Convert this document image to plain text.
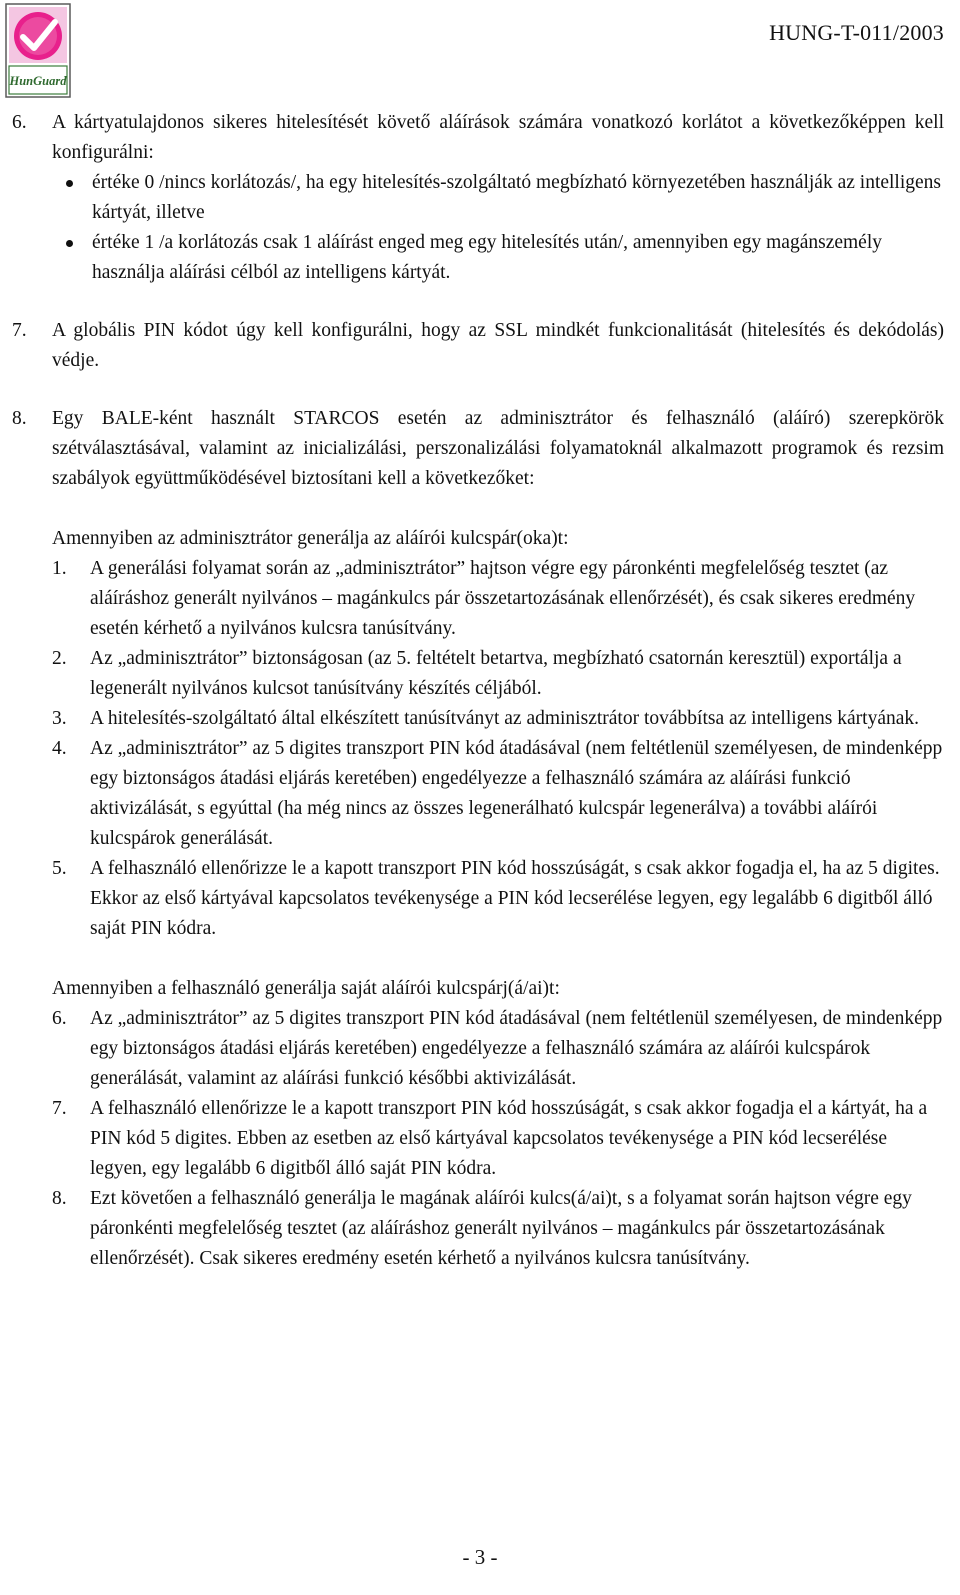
HunGuard
HUNG-T-011/2003
6.	A kártyatulajdonos sikeres hitelesítését követő aláírások számára vonatkozó korlátot a következőképpen kell konfigurálni:
értéke 0 /nincs korlátozás/, ha egy hitelesítés-szolgáltató megbízható környezetében használják az intelligens kártyát, illetve
értéke 1 /a korlátozás csak 1 aláírást enged meg egy hitelesítés után/, amennyiben egy magánszemély használja aláírási célból az intelligens kártyát.
7.	A globális PIN kódot úgy kell konfigurálni, hogy az SSL mindkét funkcionalitását (hitelesítés és dekódolás) védje.
8.	Egy BALE-ként használt STARCOS esetén az adminisztrátor és felhasználó (aláíró) szerepkörök szétválasztásával, valamint az inicializálási, perszonalizálási folyamatoknál alkalmazott programok és rezsim szabályok együttműködésével biztosítani kell a következőket:
Amennyiben az adminisztrátor generálja az aláírói kulcspár(oka)t:
1.	A generálási folyamat során az „adminisztrátor” hajtson végre egy páronkénti megfelelőség tesztet (az aláíráshoz generált nyilvános – magánkulcs pár összetartozásának ellenőrzését), és csak sikeres eredmény esetén kérhető a nyilvános kulcsra tanúsítvány.
2.	Az „adminisztrátor” biztonságosan (az 5. feltételt betartva, megbízható csatornán keresztül) exportálja a legenerált nyilvános kulcsot tanúsítvány készítés céljából.
3.	A hitelesítés-szolgáltató által elkészített tanúsítványt az adminisztrátor továbbítsa az intelligens kártyának.
4.	Az „adminisztrátor” az 5 digites transzport PIN kód átadásával (nem feltétlenül személyesen, de mindenképp egy biztonságos átadási eljárás keretében) engedélyezze a felhasználó számára az aláírási funkció aktivizálását, s egyúttal (ha még nincs az összes legenerálható kulcspár legenerálva) a további aláírói kulcspárok generálását.
5.	A felhasználó ellenőrizze le a kapott transzport PIN kód hosszúságát, s csak akkor fogadja el, ha az 5 digites. Ekkor az első kártyával kapcsolatos tevékenysége a PIN kód lecserélése legyen, egy legalább 6 digitből álló saját PIN kódra.
Amennyiben a felhasználó generálja saját aláírói kulcspárj(á/ai)t:
6.	Az „adminisztrátor” az 5 digites transzport PIN kód átadásával (nem feltétlenül személyesen, de mindenképp egy biztonságos átadási eljárás keretében) engedélyezze a felhasználó számára az aláírói kulcspárok generálását, valamint az aláírási funkció későbbi aktivizálását.
7.	A felhasználó ellenőrizze le a kapott transzport PIN kód hosszúságát, s csak akkor fogadja el a kártyát, ha a PIN kód 5 digites. Ebben az esetben az első kártyával kapcsolatos tevékenysége a PIN kód lecserélése legyen, egy legalább 6 digitből álló saját PIN kódra.
8.	Ezt követően a felhasználó generálja le magának aláírói kulcs(á/ai)t, s a folyamat során hajtson végre egy páronkénti megfelelőség tesztet (az aláíráshoz generált nyilvános – magánkulcs pár összetartozásának ellenőrzését). Csak sikeres eredmény esetén kérhető a nyilvános kulcsra tanúsítvány.
- 3 -
